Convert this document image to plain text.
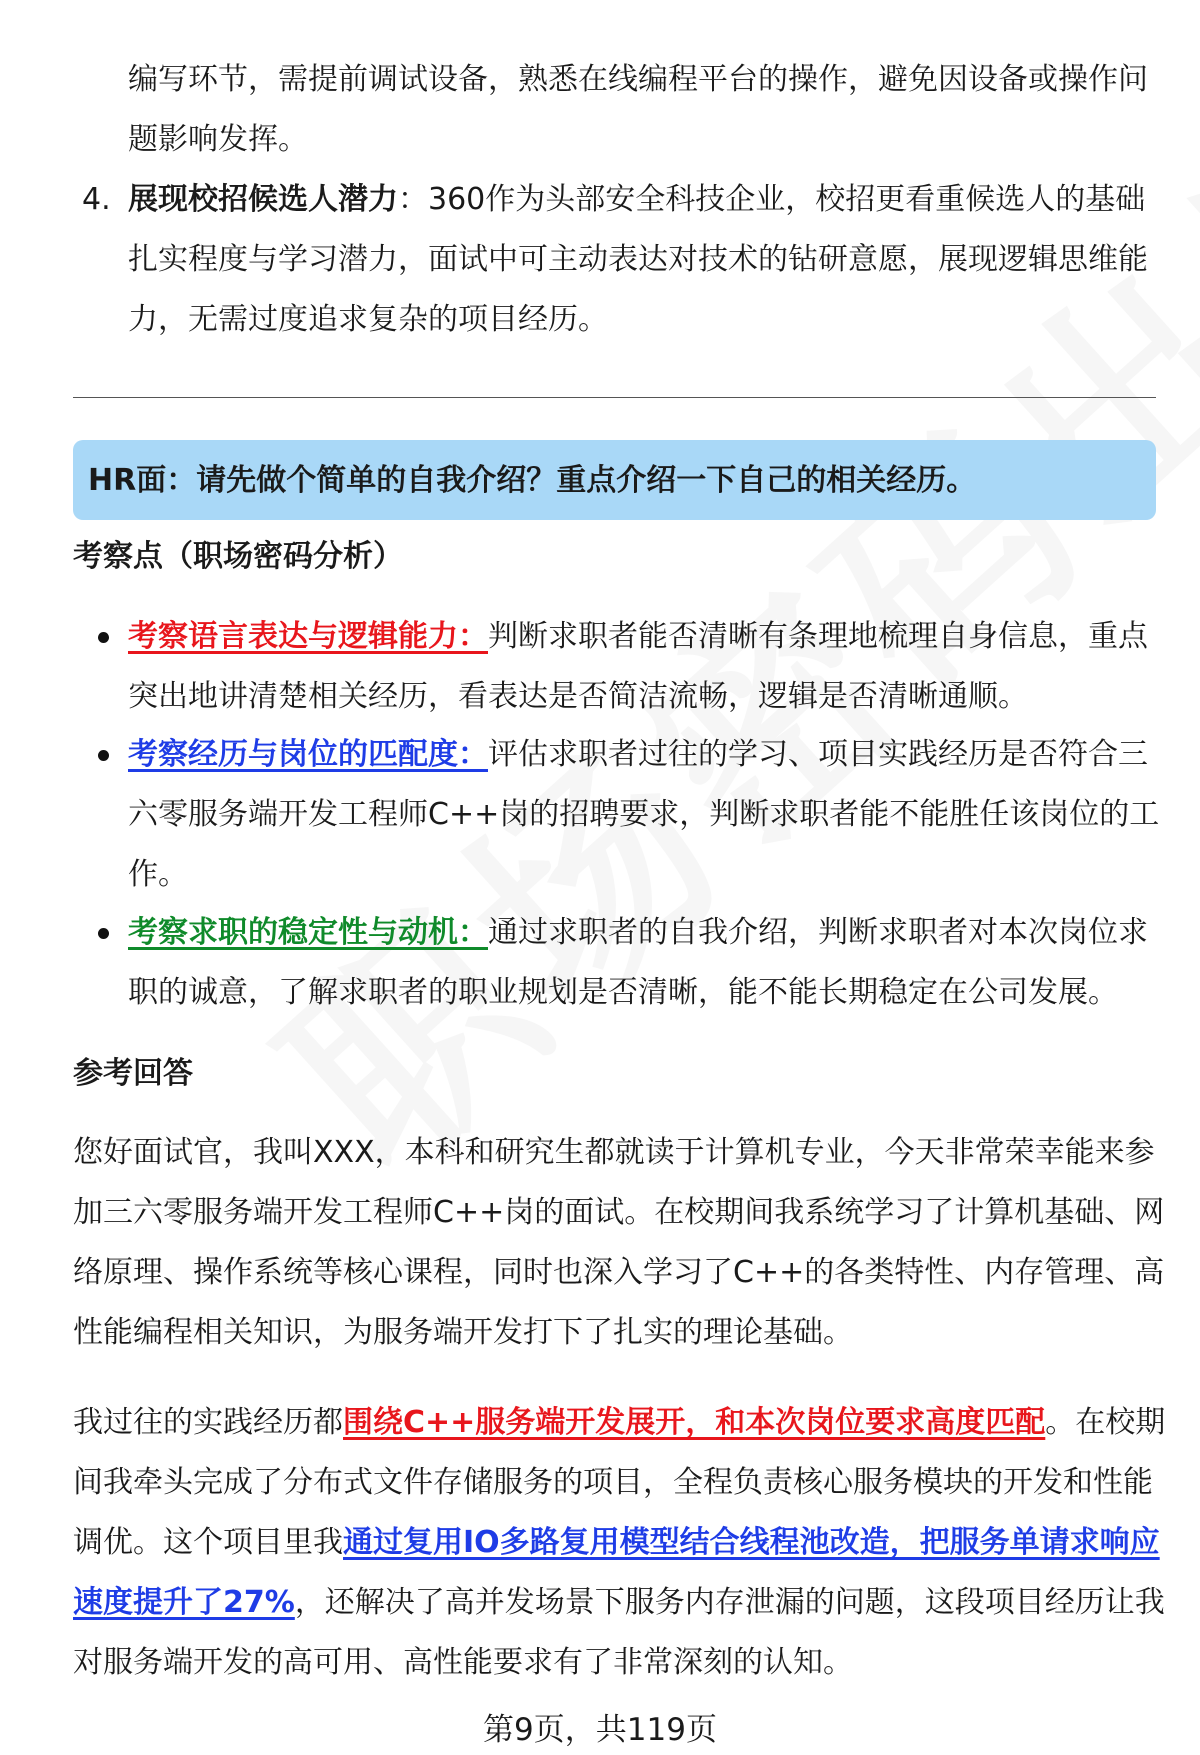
编写环节，需提前调试设备，熟悉在线编程平台的操作，避免因设备或操作问
题影响发挥。
4. 展现校招候选人潜力：360作为头部安全科技企业，校招更看重候选人的基础
扎实程度与学习潜力，面试中可主动表达对技术的钻研意愿，展现逻辑思维能
力，无需过度追求复杂的项目经历。
HR面：请先做个简单的自我介绍？重点介绍一下自己的相关经历。
考察点（职场密码分析）
考察语言表达与逻辑能力：判断求职者能否清晰有条理地梳理自身信息，重点
突出地讲清楚相关经历，看表达是否简洁流畅，逻辑是否清晰通顺。
考察经历与岗位的匹配度：评估求职者过往的学习、项目实践经历是否符合三
六零服务端开发工程师C++岗的招聘要求，判断求职者能不能胜任该岗位的工
作。
考察求职的稳定性与动机：通过求职者的自我介绍，判断求职者对本次岗位求
职的诚意，了解求职者的职业规划是否清晰，能不能长期稳定在公司发展。
参考回答
您好面试官，我叫XXX，本科和研究生都就读于计算机专业，今天非常荣幸能来参
加三六零服务端开发工程师C++岗的面试。在校期间我系统学习了计算机基础、网
络原理、操作系统等核心课程，同时也深入学习了C++的各类特性、内存管理、高
性能编程相关知识，为服务端开发打下了扎实的理论基础。
我过往的实践经历都围绕C++服务端开发展开，和本次岗位要求高度匹配。在校期
间我牵头完成了分布式文件存储服务的项目，全程负责核心服务模块的开发和性能
调优。这个项目里我通过复用IO多路复用模型结合线程池改造，把服务单请求响应
速度提升了27%，还解决了高并发场景下服务内存泄漏的问题，这段项目经历让我
对服务端开发的高可用、高性能要求有了非常深刻的认知。
第9页，共119页
